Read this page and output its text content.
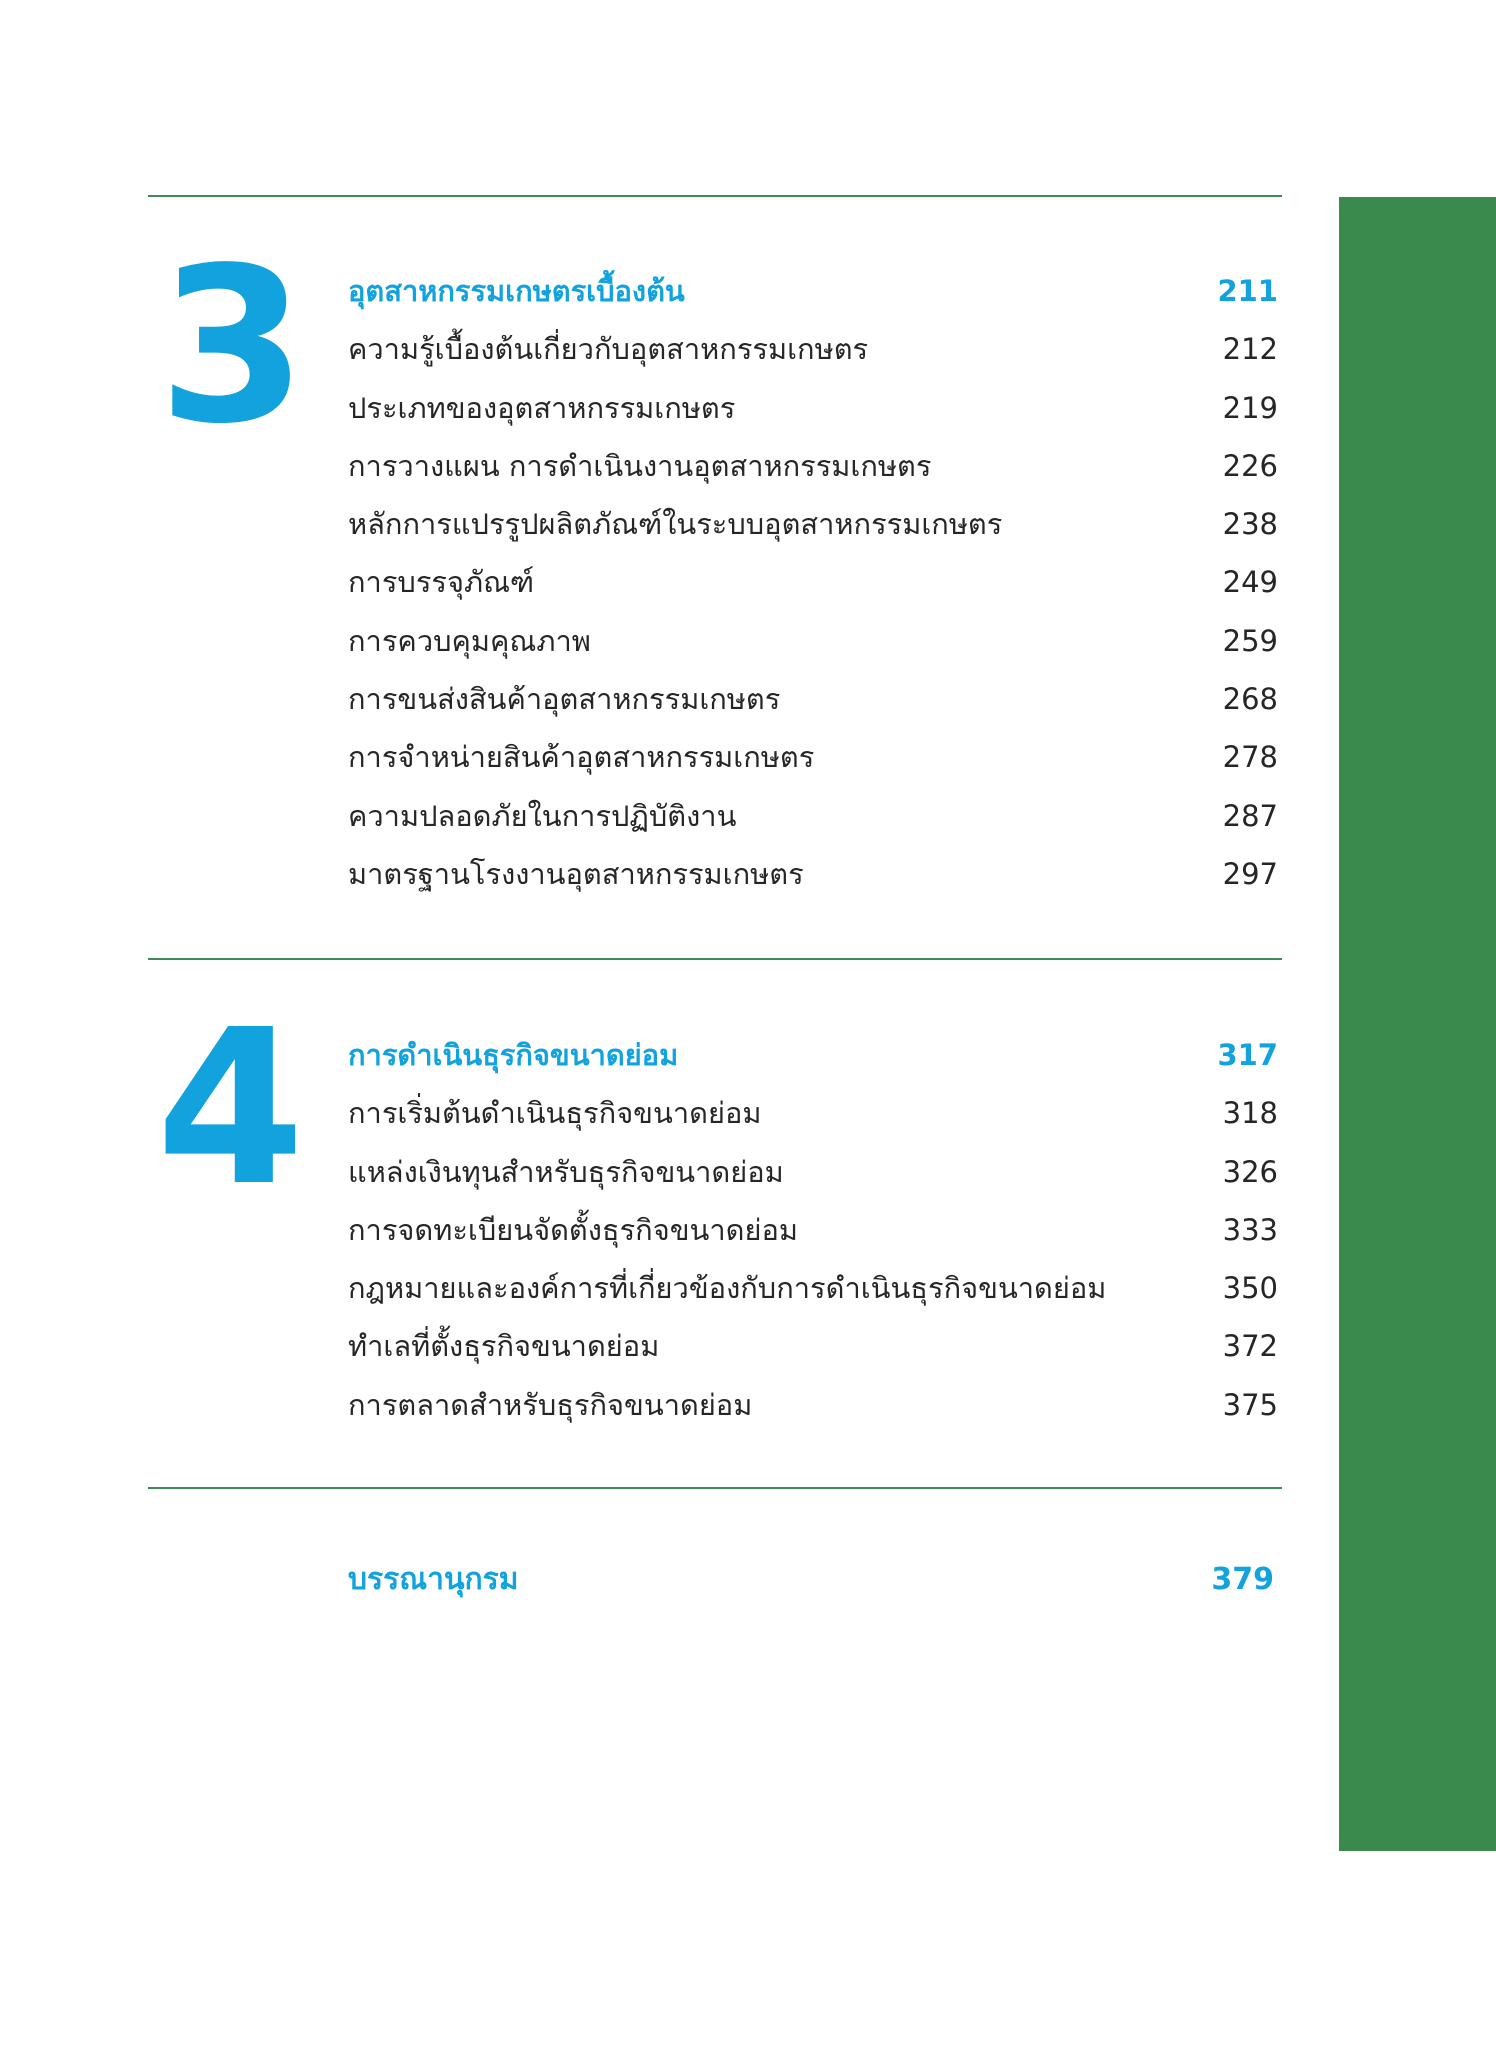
3 อุตสาหกรรมเกษตรเบื้องต้น	211
ความรู้เบื้องต้นเกี่ยวกับอุตสาหกรรมเกษตร	212
ประเภทของอุตสาหกรรมเกษตร	219
การวางแผน การดำเนินงานอุตสาหกรรมเกษตร	226
หลักการแปรรูปผลิตภัณฑ์ในระบบอุตสาหกรรมเกษตร	238
การบรรจุภัณฑ์	249
การควบคุมคุณภาพ	259
การขนส่งสินค้าอุตสาหกรรมเกษตร	268
การจำหน่ายสินค้าอุตสาหกรรมเกษตร	278
ความปลอดภัยในการปฏิบัติงาน	287
มาตรฐานโรงงานอุตสาหกรรมเกษตร	297
4 การดำเนินธุรกิจขนาดย่อม	317
การเริ่มต้นดำเนินธุรกิจขนาดย่อม	318
แหล่งเงินทุนสำหรับธุรกิจขนาดย่อม	326
การจดทะเบียนจัดตั้งธุรกิจขนาดย่อม	333
กฎหมายและองค์การที่เกี่ยวข้องกับการดำเนินธุรกิจขนาดย่อม	350
ทำเลที่ตั้งธุรกิจขนาดย่อม	372
การตลาดสำหรับธุรกิจขนาดย่อม	375
บรรณานุกรม	379
